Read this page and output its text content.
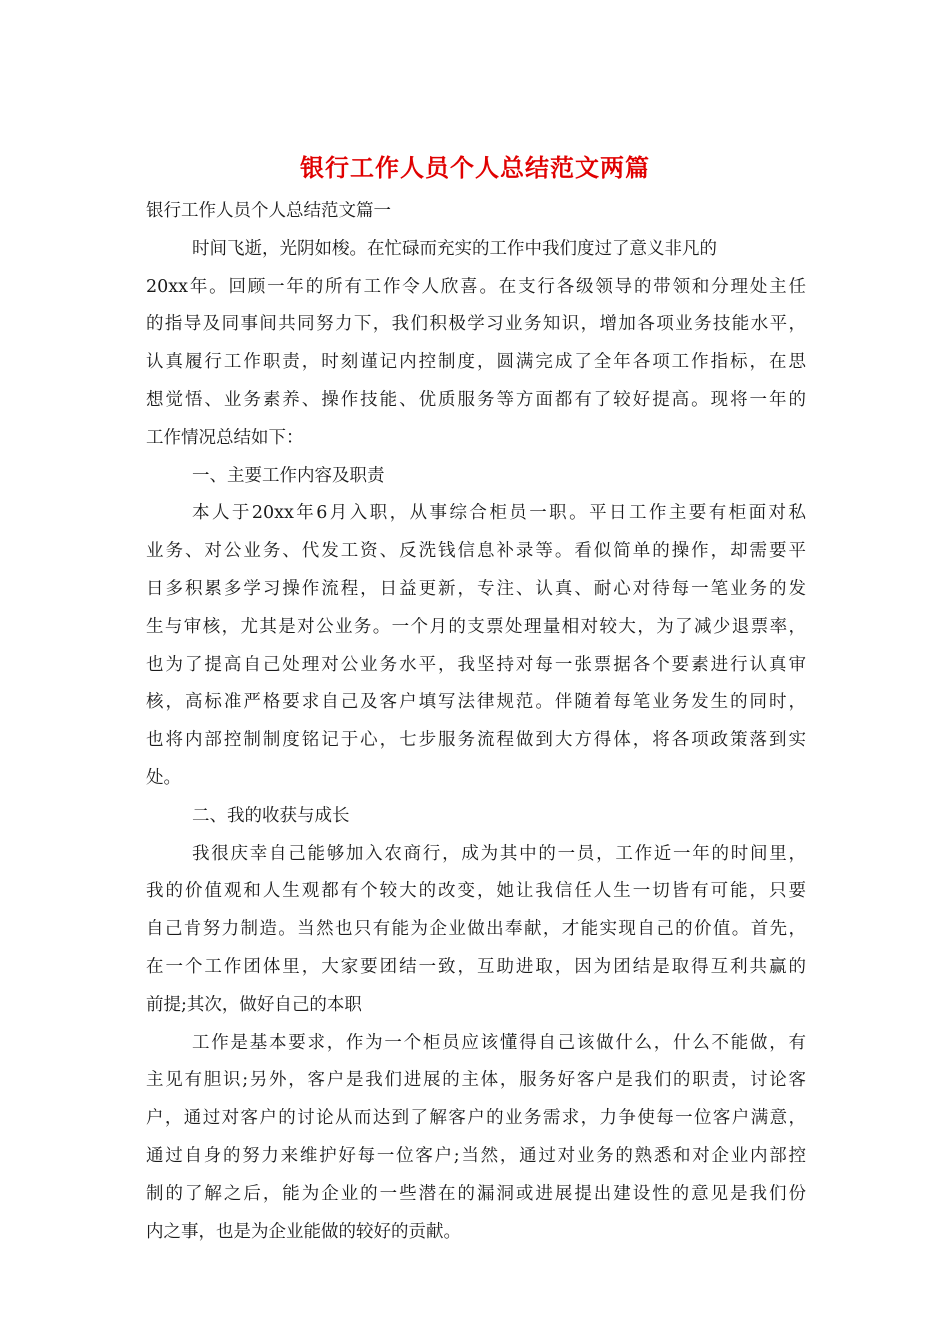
银行工作人员个人总结范文两篇
银行工作人员个人总结范文篇一
时间飞逝，光阴如梭。在忙碌而充实的工作中我们度过了意义非凡的
20xx年。回顾一年的所有工作令人欣喜。在支行各级领导的带领和分理处主任
的指导及同事间共同努力下，我们积极学习业务知识，增加各项业务技能水平，
认真履行工作职责，时刻谨记内控制度，圆满完成了全年各项工作指标，在思
想觉悟、业务素养、操作技能、优质服务等方面都有了较好提高。现将一年的
工作情况总结如下：
一、主要工作内容及职责
本人于20xx年6月入职，从事综合柜员一职。平日工作主要有柜面对私
业务、对公业务、代发工资、反洗钱信息补录等。看似简单的操作，却需要平
日多积累多学习操作流程，日益更新，专注、认真、耐心对待每一笔业务的发
生与审核，尤其是对公业务。一个月的支票处理量相对较大，为了减少退票率，
也为了提高自己处理对公业务水平，我坚持对每一张票据各个要素进行认真审
核，高标准严格要求自己及客户填写法律规范。伴随着每笔业务发生的同时，
也将内部控制制度铭记于心，七步服务流程做到大方得体，将各项政策落到实
处。
二、我的收获与成长
我很庆幸自己能够加入农商行，成为其中的一员，工作近一年的时间里，
我的价值观和人生观都有个较大的改变，她让我信任人生一切皆有可能，只要
自己肯努力制造。当然也只有能为企业做出奉献，才能实现自己的价值。首先，
在一个工作团体里，大家要团结一致，互助进取，因为团结是取得互利共赢的
前提;其次，做好自己的本职
工作是基本要求，作为一个柜员应该懂得自己该做什么，什么不能做，有
主见有胆识;另外，客户是我们进展的主体，服务好客户是我们的职责，讨论客
户，通过对客户的讨论从而达到了解客户的业务需求，力争使每一位客户满意，
通过自身的努力来维护好每一位客户;当然，通过对业务的熟悉和对企业内部控
制的了解之后，能为企业的一些潜在的漏洞或进展提出建设性的意见是我们份
内之事，也是为企业能做的较好的贡献。
